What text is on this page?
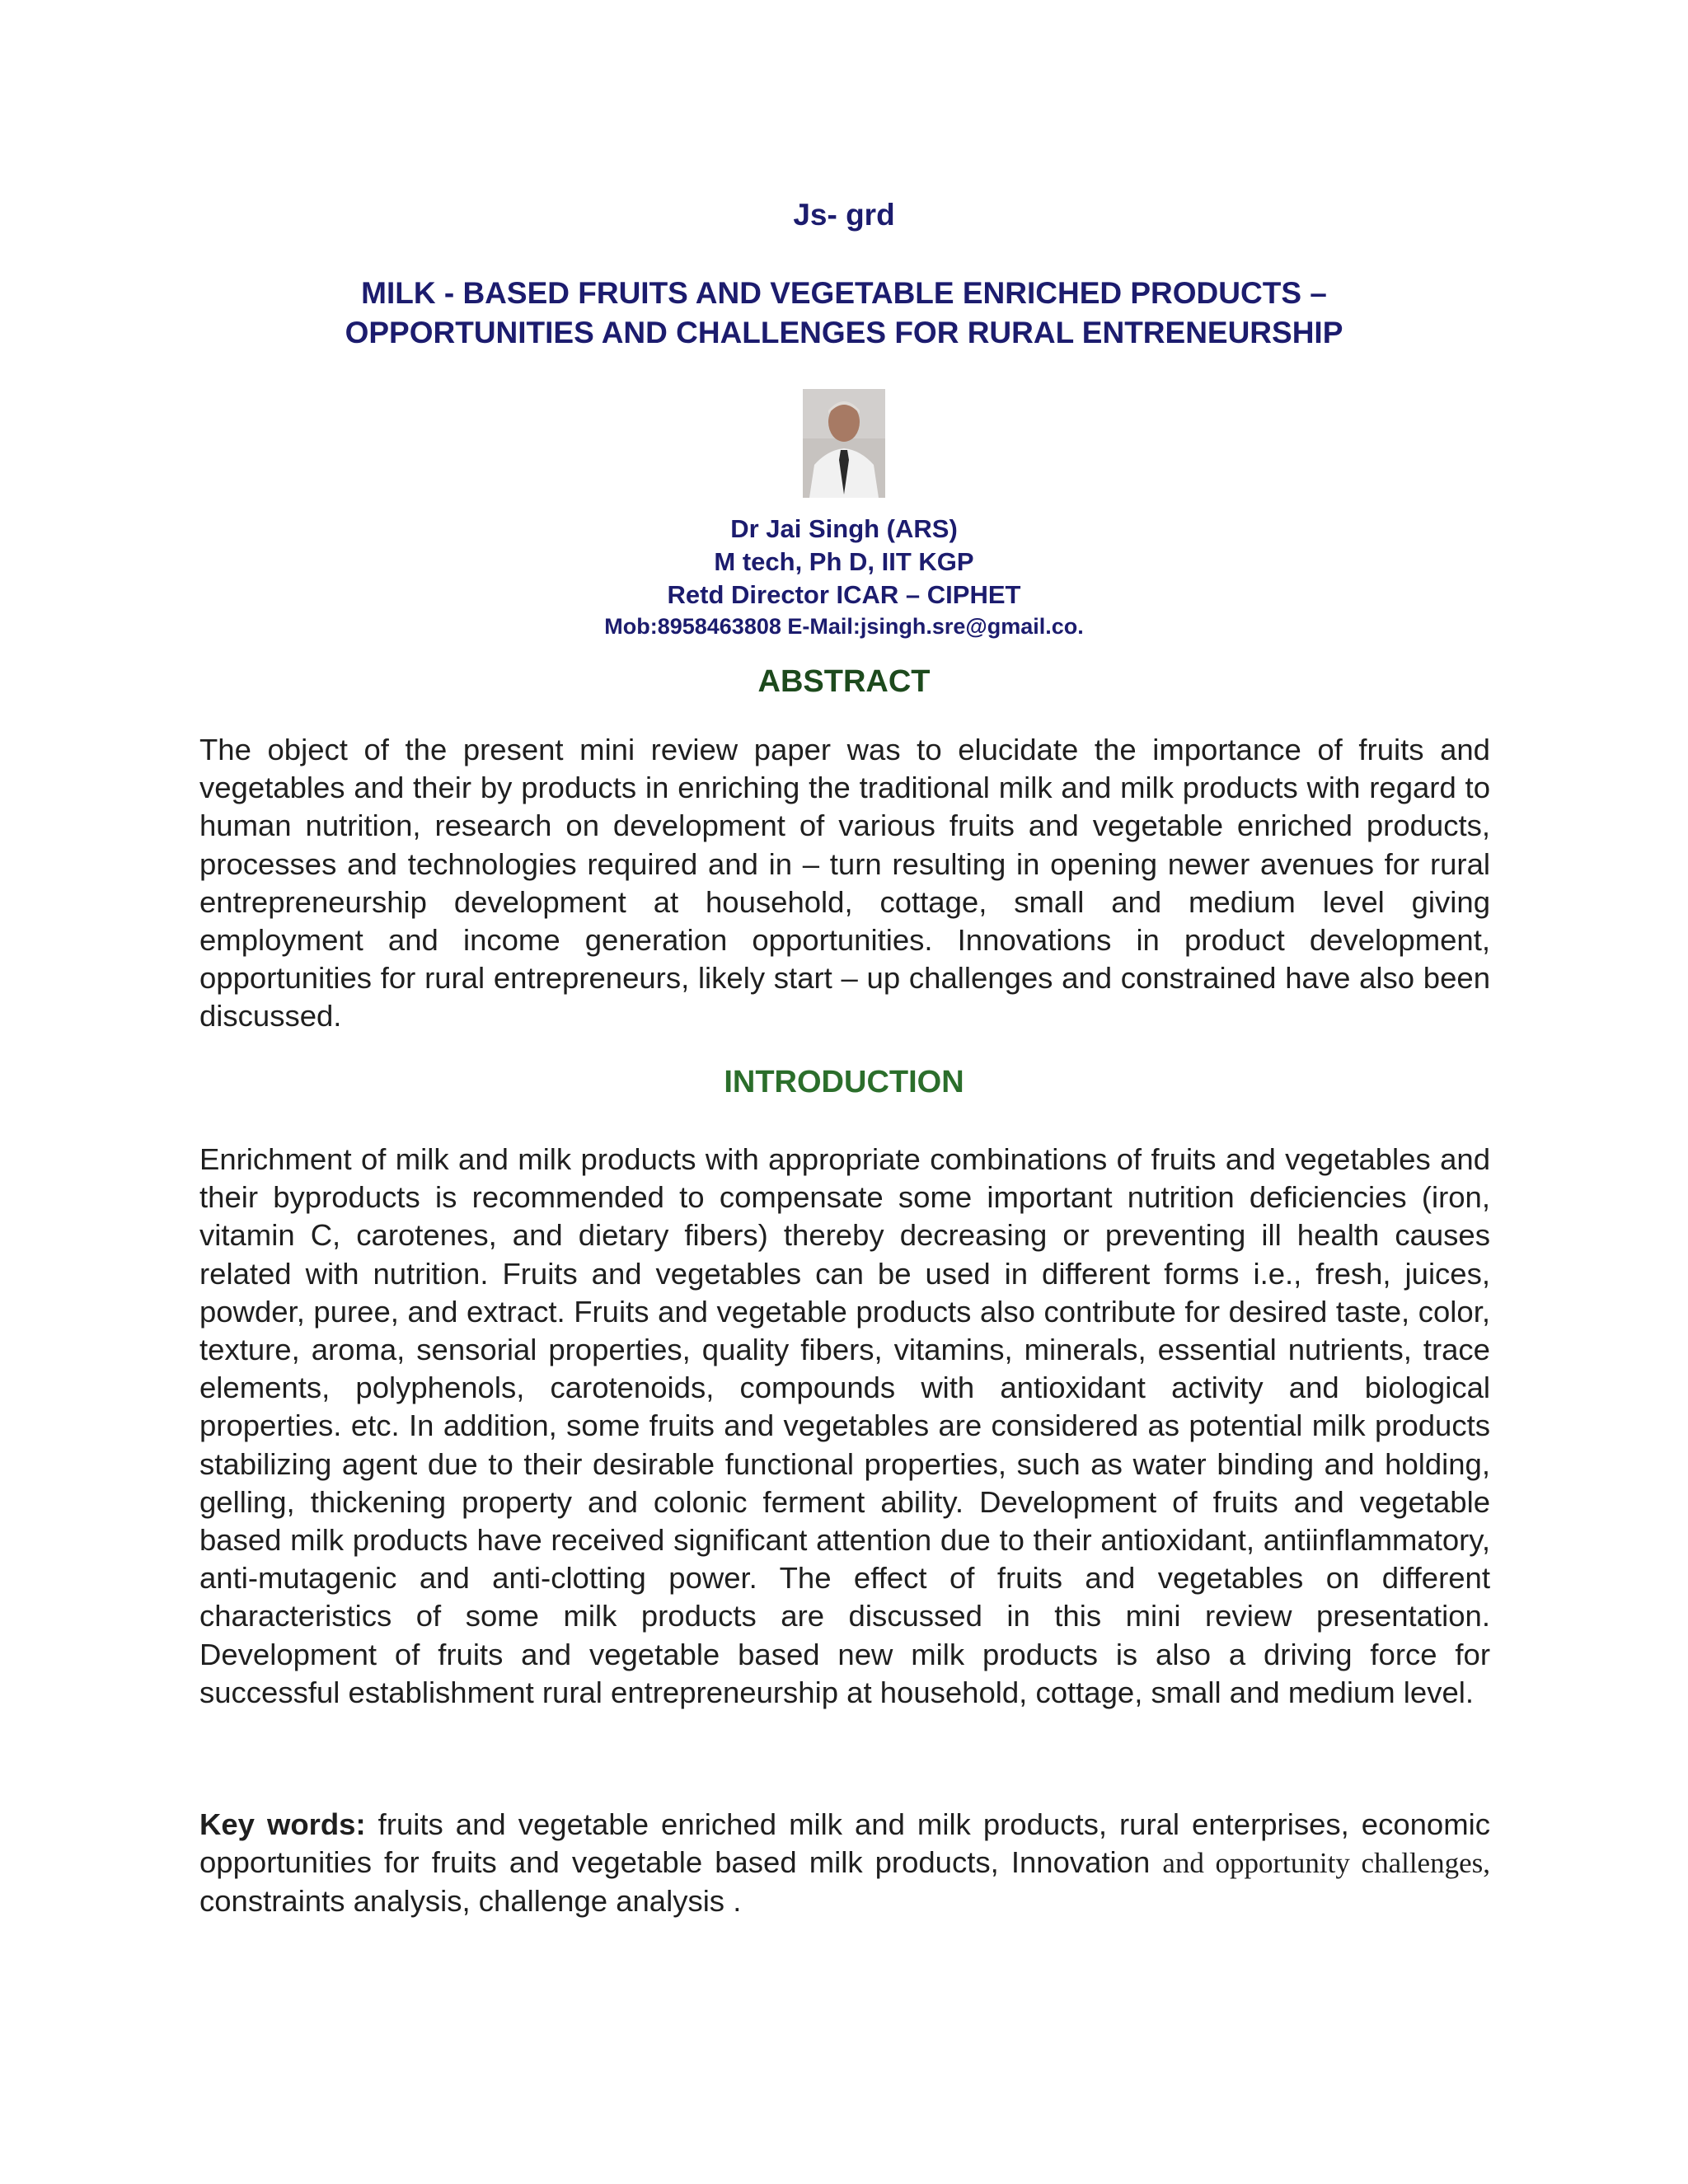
Js- grd
MILK - BASED FRUITS AND VEGETABLE ENRICHED PRODUCTS –
OPPORTUNITIES AND CHALLENGES FOR RURAL ENTRENEURSHIP
Dr Jai Singh (ARS)
M tech, Ph D, IIT KGP
Retd Director ICAR – CIPHET
Mob:8958463808 E-Mail:jsingh.sre@gmail.co.
ABSTRACT
The object of the present mini review paper was to elucidate the importance of fruits and vegetables and their by products in enriching the traditional milk and milk products with regard to human nutrition, research on development of various fruits and vegetable enriched products, processes and technologies required and in – turn resulting in opening newer avenues for rural entrepreneurship development at household, cottage, small and medium level giving employment and income generation opportunities. Innovations in product development, opportunities for rural entrepreneurs, likely start – up challenges and constrained have also been discussed.
INTRODUCTION
Enrichment of milk and milk products with appropriate combinations of fruits and vegetables and their byproducts is recommended to compensate some important nutrition deficiencies (iron, vitamin C, carotenes, and dietary fibers) thereby decreasing or preventing ill health causes related with nutrition. Fruits and vegetables can be used in different forms i.e., fresh, juices, powder, puree, and extract. Fruits and vegetable products also contribute for desired taste, color, texture, aroma, sensorial properties, quality fibers, vitamins, minerals, essential nutrients, trace elements, polyphenols, carotenoids, compounds with antioxidant activity and biological properties. etc. In addition, some fruits and vegetables are considered as potential milk products stabilizing agent due to their desirable functional properties, such as water binding and holding, gelling, thickening property and colonic ferment ability. Development of fruits and vegetable based milk products have received significant attention due to their antioxidant, antiinflammatory, anti-mutagenic and anti-clotting power. The effect of fruits and vegetables on different characteristics of some milk products are discussed in this mini review presentation. Development of fruits and vegetable based new milk products is also a driving force for successful establishment rural entrepreneurship at household, cottage, small and medium level.
Key words: fruits and vegetable enriched milk and milk products, rural enterprises, economic opportunities for fruits and vegetable based milk products, Innovation and opportunity challenges, constraints analysis, challenge analysis .
